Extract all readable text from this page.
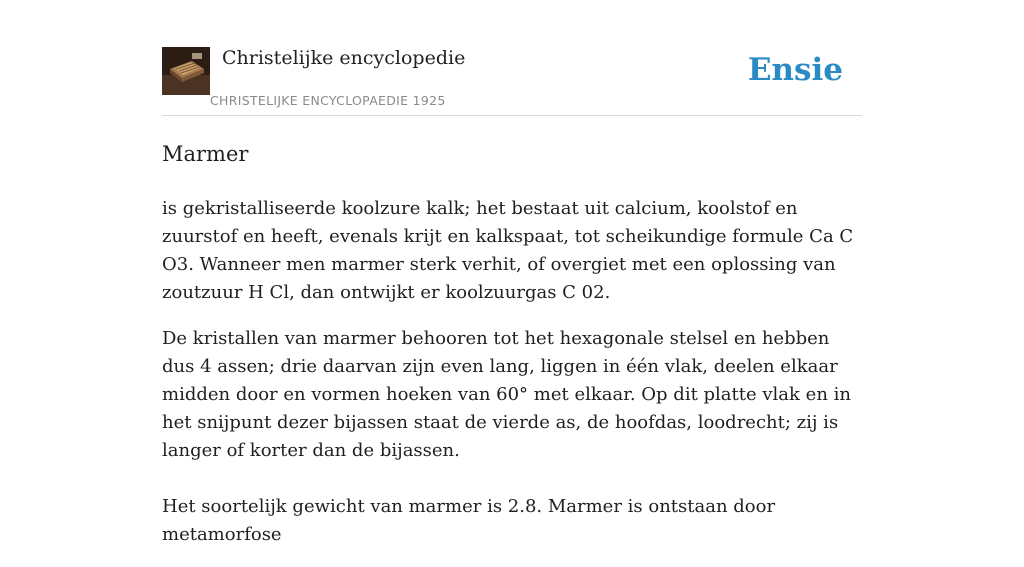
Christelijke encyclopedie
CHRISTELIJKE ENCYCLOPAEDIE 1925
Ensie
Marmer

is gekristalliseerde koolzure kalk; het bestaat uit calcium, koolstof en zuurstof en heeft, evenals krijt en kalkspaat, tot scheikundige formule Ca C O3. Wanneer men marmer sterk verhit, of overgiet met een oplossing van zoutzuur H Cl, dan ontwijkt er koolzuurgas C 02.

De kristallen van marmer behooren tot het hexagonale stelsel en hebben dus 4 assen; drie daarvan zijn even lang, liggen in één vlak, deelen elkaar midden door en vormen hoeken van 60° met elkaar. Op dit platte vlak en in het snijpunt dezer bijassen staat de vierde as, de hoofdas, loodrecht; zij is langer of korter dan de bijassen.

Het soortelijk gewicht van marmer is 2.8. Marmer is ontstaan door metamorfose
